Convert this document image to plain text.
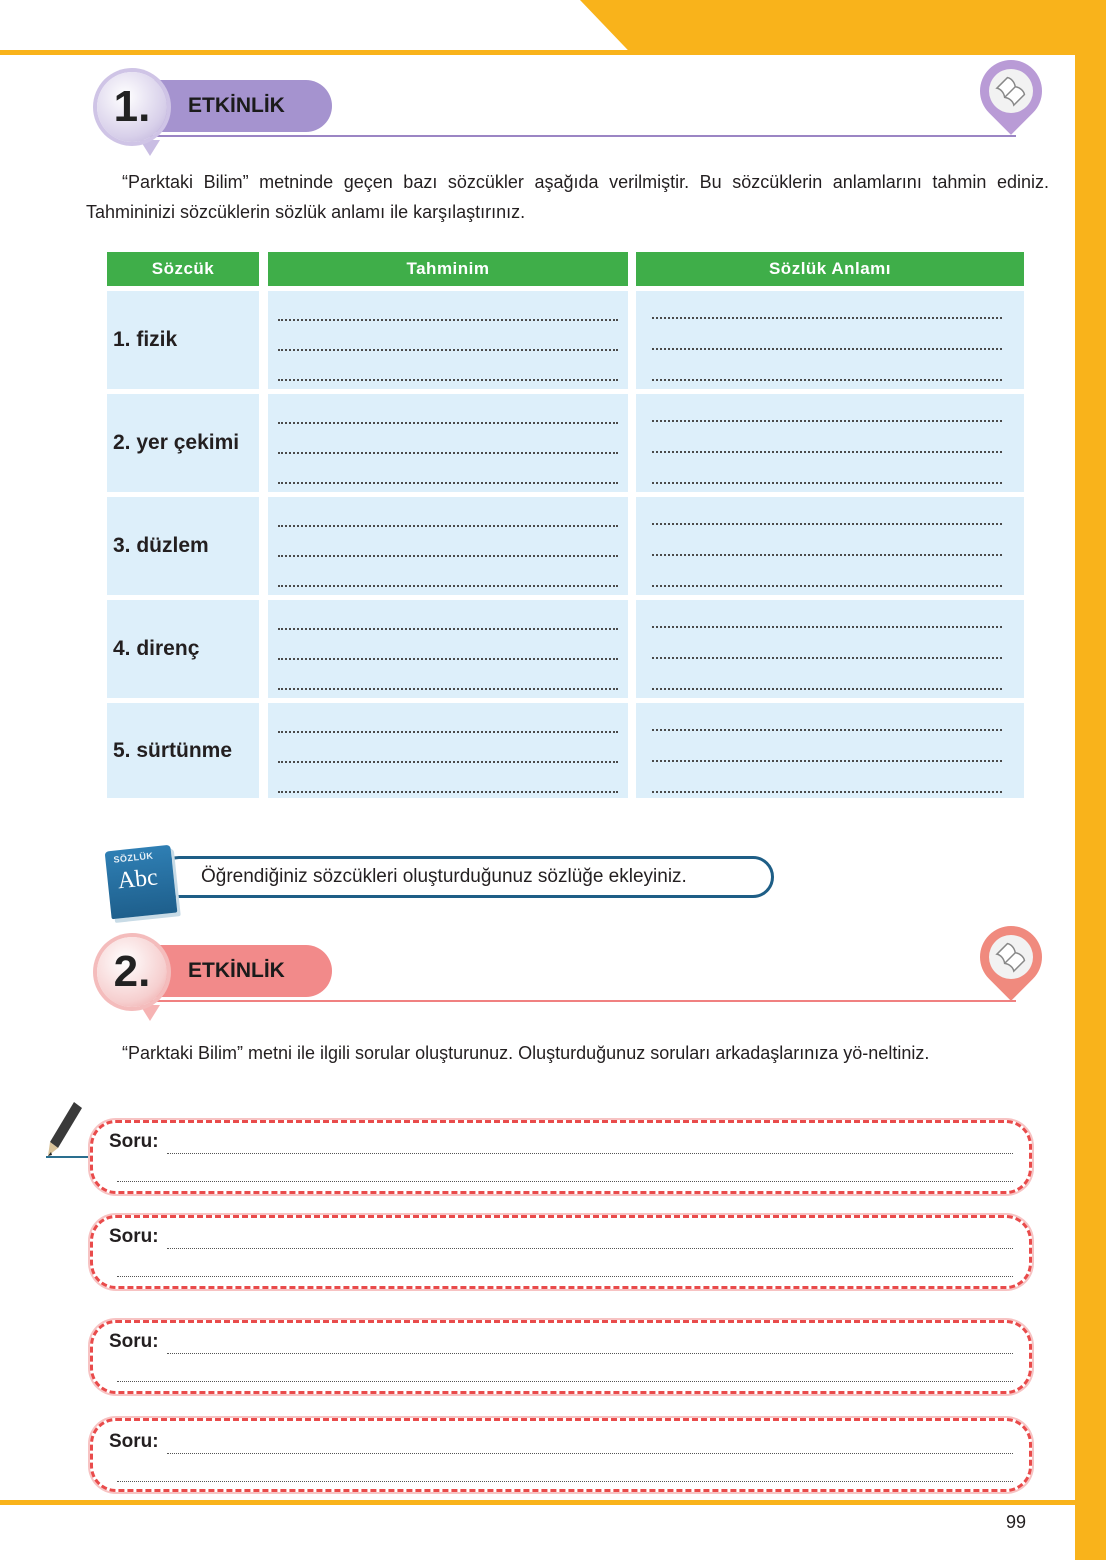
99
ETKİNLİK
1.
“Parktaki Bilim” metninde geçen bazı sözcükler aşağıda verilmiştir. Bu sözcüklerin anlamlarını tahmin ediniz. Tahmininizi sözcüklerin sözlük anlamı ile karşılaştırınız.
Sözcük	Tahminim	Sözlük Anlamı
1. fizik
2. yer çekimi
3. düzlem
4. direnç
5. sürtünme
Öğrendiğiniz sözcükleri oluşturduğunuz sözlüğe ekleyiniz.
SÖZLÜK
Abc
ETKİNLİK
2.
“Parktaki Bilim” metni ile ilgili sorular oluşturunuz. Oluşturduğunuz soruları arkadaşlarınıza yö-neltiniz.
Soru:
Soru:
Soru:
Soru:
